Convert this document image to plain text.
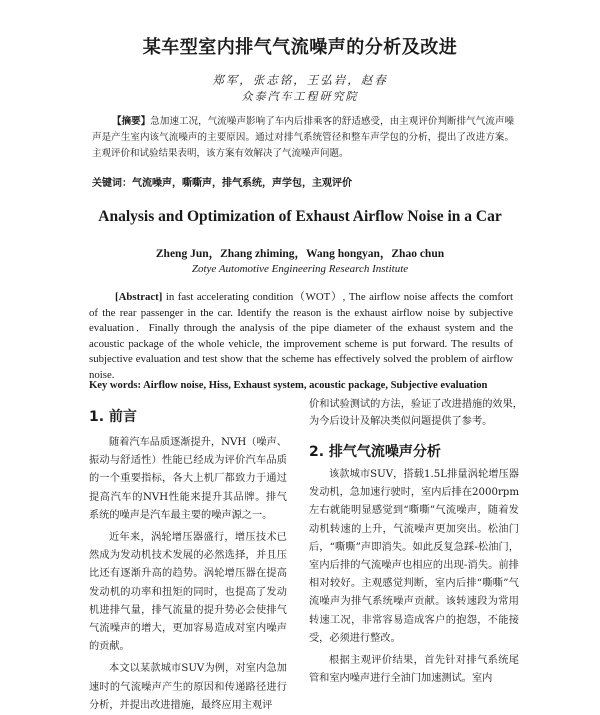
某车型室内排气气流噪声的分析及改进
郑军，张志铭，王弘岩，赵春
众泰汽车工程研究院
【摘要】急加速工况，气流噪声影响了车内后排乘客的舒适感受，由主观评价判断排气气流声噪声是产生室内该气流噪声的主要原因。通过对排气系统管径和整车声学包的分析，提出了改进方案。主观评价和试验结果表明，该方案有效解决了气流噪声问题。
关键词：气流噪声，嘶嘶声，排气系统，声学包，主观评价
Analysis and Optimization of Exhaust Airflow Noise in a Car
Zheng Jun，Zhang zhiming，Wang hongyan，Zhao chun
Zotye Automotive Engineering Research Institute
[Abstract] in fast accelerating condition（WOT）, The airflow noise affects the comfort of the rear passenger in the car. Identify the reason is the exhaust airflow noise by subjective evaluation．Finally through the analysis of the pipe diameter of the exhaust system and the acoustic package of the whole vehicle, the improvement scheme is put forward. The results of subjective evaluation and test show that the scheme has effectively solved the problem of airflow noise.
Key words: Airflow noise, Hiss, Exhaust system, acoustic package, Subjective evaluation
1. 前言

随着汽车品质逐渐提升，NVH（噪声、振动与舒适性）性能已经成为评价汽车品质的一个重要指标，各大上机厂都致力于通过提高汽车的NVH性能来提升其品牌。排气系统的噪声是汽车最主要的噪声源之一。

近年来，涡轮增压器盛行，增压技术已然成为发动机技术发展的必然选择，并且压比还有逐渐升高的趋势。涡轮增压器在提高发动机的功率和扭矩的同时，也提高了发动机进排气量，排气流量的提升势必会使排气气流噪声的增大，更加容易造成对室内噪声的贡献。

本文以某款城市SUV为例，对室内急加速时的气流噪声产生的原因和传递路径进行分析，并提出改进措施，最终应用主观评

价和试验测试的方法，验证了改进措施的效果，为今后设计及解决类似问题提供了参考。
2. 排气气流噪声分析

该款城市SUV，搭载1.5L排量涡轮增压器发动机，急加速行驶时，室内后排在2000rpm左右就能明显感觉到“嘶嘶”气流噪声，随着发动机转速的上升，气流噪声更加突出。松油门后，“嘶嘶”声即消失。如此反复急踩-松油门，室内后排的气流噪声也相应的出现-消失。前排相对较好。主观感觉判断，室内后排“嘶嘶”气流噪声为排气系统噪声贡献。该转速段为常用转速工况，非常容易造成客户的抱怨，不能接受，必须进行整改。

根据主观评价结果，首先针对排气系统尾管和室内噪声进行全油门加速测试。室内
